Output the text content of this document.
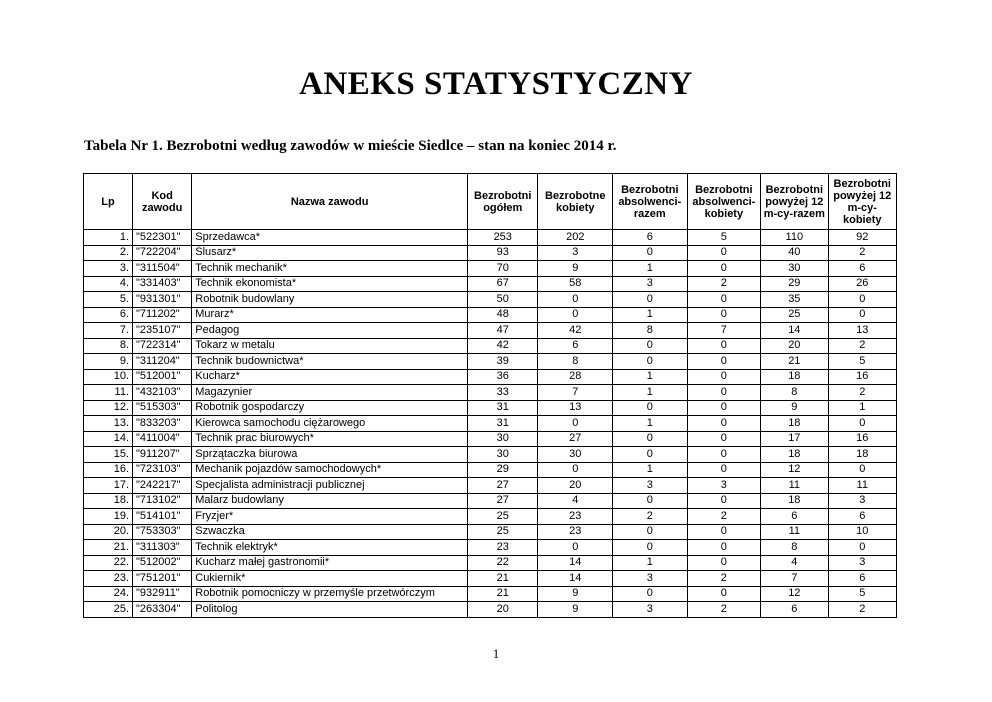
ANEKS STATYSTYCZNY

Tabela Nr 1. Bezrobotni według zawodów w mieście Siedlce – stan na koniec 2014 r.

Lp	Kod zawodu	Nazwa zawodu	Bezrobotni ogółem	Bezrobotne kobiety	Bezrobotni absolwenci-razem	Bezrobotni absolwenci-kobiety	Bezrobotni powyżej 12 m-cy-razem	Bezrobotni powyżej 12 m-cy-kobiety
1.	"522301"	Sprzedawca*	253	202	6	5	110	92
2.	"722204"	Ślusarz*	93	3	0	0	40	2
3.	"311504"	Technik mechanik*	70	9	1	0	30	6
4.	"331403"	Technik ekonomista*	67	58	3	2	29	26
5.	"931301"	Robotnik budowlany	50	0	0	0	35	0
6.	"711202"	Murarz*	48	0	1	0	25	0
7.	"235107"	Pedagog	47	42	8	7	14	13
8.	"722314"	Tokarz w metalu	42	6	0	0	20	2
9.	"311204"	Technik budownictwa*	39	8	0	0	21	5
10.	"512001"	Kucharz*	36	28	1	0	18	16
11.	"432103"	Magazynier	33	7	1	0	8	2
12.	"515303"	Robotnik gospodarczy	31	13	0	0	9	1
13.	"833203"	Kierowca samochodu ciężarowego	31	0	1	0	18	0
14.	"411004"	Technik prac biurowych*	30	27	0	0	17	16
15.	"911207"	Sprzątaczka biurowa	30	30	0	0	18	18
16.	"723103"	Mechanik pojazdów samochodowych*	29	0	1	0	12	0
17.	"242217"	Specjalista administracji publicznej	27	20	3	3	11	11
18.	"713102"	Malarz budowlany	27	4	0	0	18	3
19.	"514101"	Fryzjer*	25	23	2	2	6	6
20.	"753303"	Szwaczka	25	23	0	0	11	10
21.	"311303"	Technik elektryk*	23	0	0	0	8	0
22.	"512002"	Kucharz małej gastronomii*	22	14	1	0	4	3
23.	"751201"	Cukiernik*	21	14	3	2	7	6
24.	"932911"	Robotnik pomocniczy w przemyśle przetwórczym	21	9	0	0	12	5
25.	"263304"	Politolog	20	9	3	2	6	2

1
